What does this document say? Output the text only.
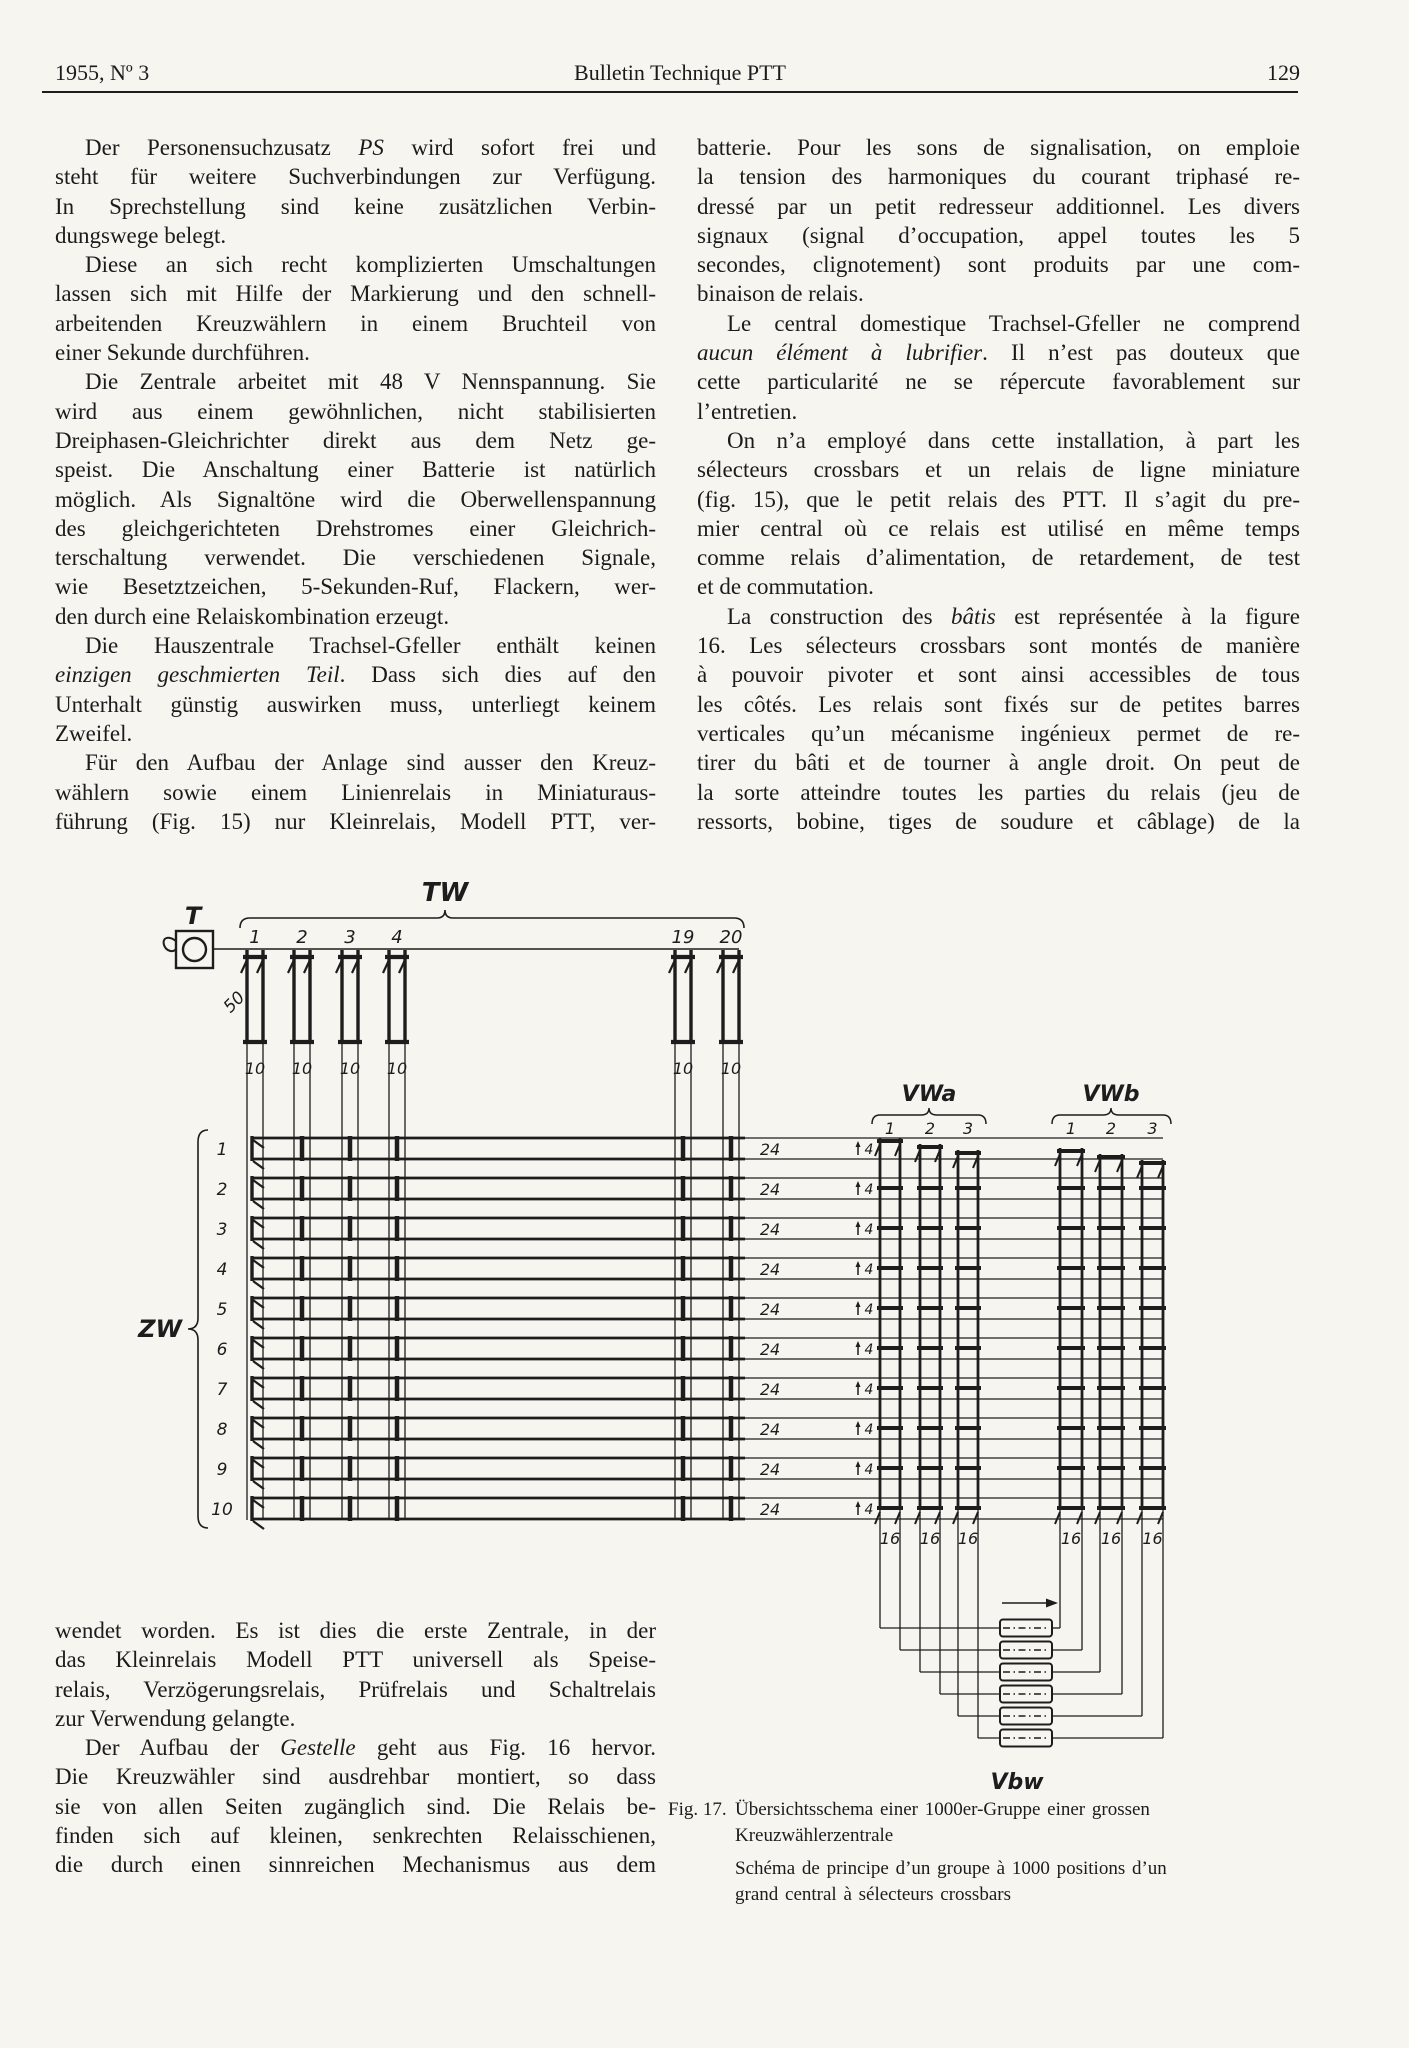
1955, Nº 3	Bulletin Technique PTT	129
Der Personensuchzusatz PS wird sofort frei und
steht für weitere Suchverbindungen zur Verfügung.
In Sprechstellung sind keine zusätzlichen Verbin-
dungswege belegt.
Diese an sich recht komplizierten Umschaltungen
lassen sich mit Hilfe der Markierung und den schnell-
arbeitenden Kreuzwählern in einem Bruchteil von
einer Sekunde durchführen.
Die Zentrale arbeitet mit 48 V Nennspannung. Sie
wird aus einem gewöhnlichen, nicht stabilisierten
Dreiphasen-Gleichrichter direkt aus dem Netz ge-
speist. Die Anschaltung einer Batterie ist natürlich
möglich. Als Signaltöne wird die Oberwellenspannung
des gleichgerichteten Drehstromes einer Gleichrich-
terschaltung verwendet. Die verschiedenen Signale,
wie Besetztzeichen, 5-Sekunden-Ruf, Flackern, wer-
den durch eine Relaiskombination erzeugt.
Die Hauszentrale Trachsel-Gfeller enthält keinen
einzigen geschmierten Teil. Dass sich dies auf den
Unterhalt günstig auswirken muss, unterliegt keinem
Zweifel.
Für den Aufbau der Anlage sind ausser den Kreuz-
wählern sowie einem Linienrelais in Miniaturaus-
führung (Fig. 15) nur Kleinrelais, Modell PTT, ver-
batterie. Pour les sons de signalisation, on emploie
la tension des harmoniques du courant triphasé re-
dressé par un petit redresseur additionnel. Les divers
signaux (signal d’occupation, appel toutes les 5
secondes, clignotement) sont produits par une com-
binaison de relais.
Le central domestique Trachsel-Gfeller ne comprend
aucun élément à lubrifier. Il n’est pas douteux que
cette particularité ne se répercute favorablement sur
l’entretien.
On n’a employé dans cette installation, à part les
sélecteurs crossbars et un relais de ligne miniature
(fig. 15), que le petit relais des PTT. Il s’agit du pre-
mier central où ce relais est utilisé en même temps
comme relais d’alimentation, de retardement, de test
et de commutation.
La construction des bâtis est représentée à la figure
16. Les sélecteurs crossbars sont montés de manière
à pouvoir pivoter et sont ainsi accessibles de tous
les côtés. Les relais sont fixés sur de petites barres
verticales qu’un mécanisme ingénieux permet de re-
tirer du bâti et de tourner à angle droit. On peut de
la sorte atteindre toutes les parties du relais (jeu de
ressorts, bobine, tiges de soudure et câblage) de la
wendet worden. Es ist dies die erste Zentrale, in der
das Kleinrelais Modell PTT universell als Speise-
relais, Verzögerungsrelais, Prüfrelais und Schaltrelais
zur Verwendung gelangte.
Der Aufbau der Gestelle geht aus Fig. 16 hervor.
Die Kreuzwähler sind ausdrehbar montiert, so dass
sie von allen Seiten zugänglich sind. Die Relais be-
finden sich auf kleinen, senkrechten Relaisschienen,
die durch einen sinnreichen Mechanismus aus dem
T
TW
50
1
10
2
10
3
10
4
10
19
10
20
10
ZW
1	24	4
2	24	4
3	24	4
4	24	4
5	24	4
6	24	4
7	24	4
8	24	4
9	24	4
10	24	4
VWa	VWb
1
16
2
16
3
16
1
16
2
16
3
16
Vbw
Fig. 17. Übersichtsschema einer 1000er-Gruppe einer grossen
Kreuzwählerzentrale
Schéma de principe d’un groupe à 1000 positions d’un
grand central à sélecteurs crossbars
